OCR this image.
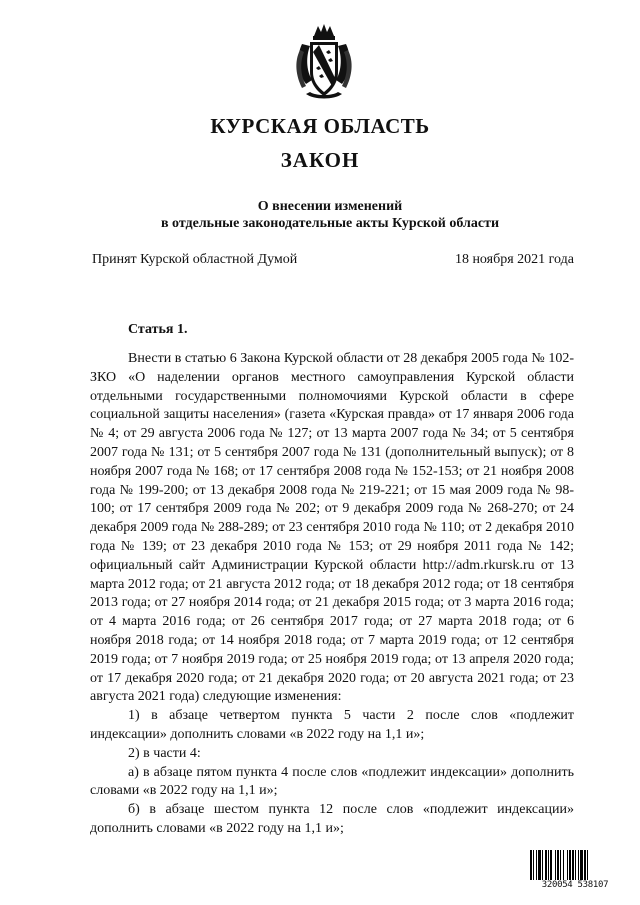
КУРСКАЯ ОБЛАСТЬ
ЗАКОН
О внесении изменений
в отдельные законодательные акты Курской области
Принят Курской областной Думой	18 ноября 2021 года
Статья 1.

Внести в статью 6 Закона Курской области от 28 декабря 2005 года № 102-ЗКО «О наделении органов местного самоуправления Курской области отдельными государственными полномочиями Курской области в сфере социальной защиты населения» (газета «Курская правда» от 17 января 2006 года № 4; от 29 августа 2006 года № 127; от 13 марта 2007 года № 34; от 5 сентября 2007 года № 131; от 5 сентября 2007 года № 131 (дополнительный выпуск); от 8 ноября 2007 года № 168; от 17 сентября 2008 года № 152-153; от 21 ноября 2008 года № 199-200; от 13 декабря 2008 года № 219-221; от 15 мая 2009 года № 98-100; от 17 сентября 2009 года № 202; от 9 декабря 2009 года № 268-270; от 24 декабря 2009 года № 288-289; от 23 сентября 2010 года № 110; от 2 декабря 2010 года № 139; от 23 декабря 2010 года № 153; от 29 ноября 2011 года № 142; официальный сайт Администрации Курской области http://adm.rkursk.ru от 13 марта 2012 года; от 21 августа 2012 года; от 18 декабря 2012 года; от 18 сентября 2013 года; от 27 ноября 2014 года; от 21 декабря 2015 года; от 3 марта 2016 года; от 4 марта 2016 года; от 26 сентября 2017 года; от 27 марта 2018 года; от 6 ноября 2018 года; от 14 ноября 2018 года; от 7 марта 2019 года; от 12 сентября 2019 года; от 7 ноября 2019 года; от 25 ноября 2019 года; от 13 апреля 2020 года; от 17 декабря 2020 года; от 21 декабря 2020 года; от 20 августа 2021 года; от 23 августа 2021 года) следующие изменения:

1) в абзаце четвертом пункта 5 части 2 после слов «подлежит индексации» дополнить словами «в 2022 году на 1,1 и»;

2) в части 4:

а) в абзаце пятом пункта 4 после слов «подлежит индексации» дополнить словами «в 2022 году на 1,1 и»;

б) в абзаце шестом пункта 12 после слов «подлежит индексации» дополнить словами «в 2022 году на 1,1 и»;

320054 538107
